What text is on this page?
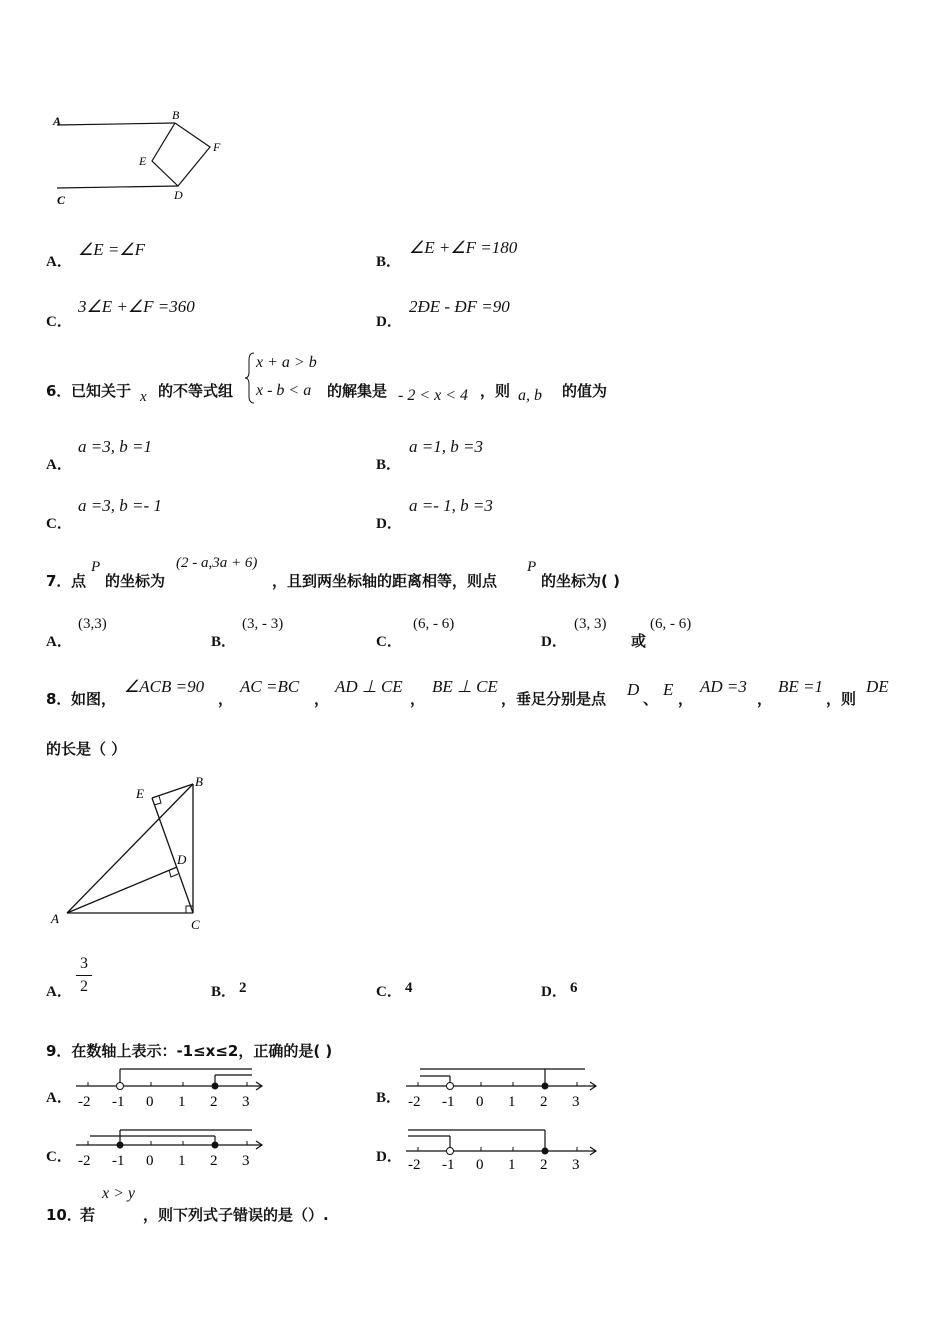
A	B
F
E
C	D
A．
∠E =∠F
B．
∠E +∠F =180
C．
3∠E +∠F =360
D．
2ÐE - ÐF =90
6． 已知关于 x 的不等式组
x + a > b
x - b < a 的解集是 - 2 < x < 4 ，则 a, b 的值为
A．
a =3, b =1
B．
a =1, b =3
C．
a =3, b =- 1
D．
a =- 1, b =3
7． 点
P
的坐标为
(2 - a,3a + 6)
，且到两坐标轴的距离相等，则点
P
的坐标为( )
A．
(3,3)
B．
(3, - 3)
C．
(6, - 6)
D．
(3, 3)
或
(6, - 6)
8． 如图，
∠ACB =90
，
AC =BC
，
AD ⊥ CE
，
BE ⊥ CE
，垂足分别是点 D 、 E ，
AD =3
，
BE =1
，则
DE
的长是（ ）
A
B
C
D
E
A．
3
2	B． 2	C． 4	D． 6
9．在数轴上表示：-1≤x≤2，正确的是( )
A． -2 -1 0 1 2 3	B． -2 -1 0 1 2 3
C． -2 -1 0 1 2 3	D． -2 -1 0 1 2 3
10．
若
x > y
，则下列式子错误的是（）.
